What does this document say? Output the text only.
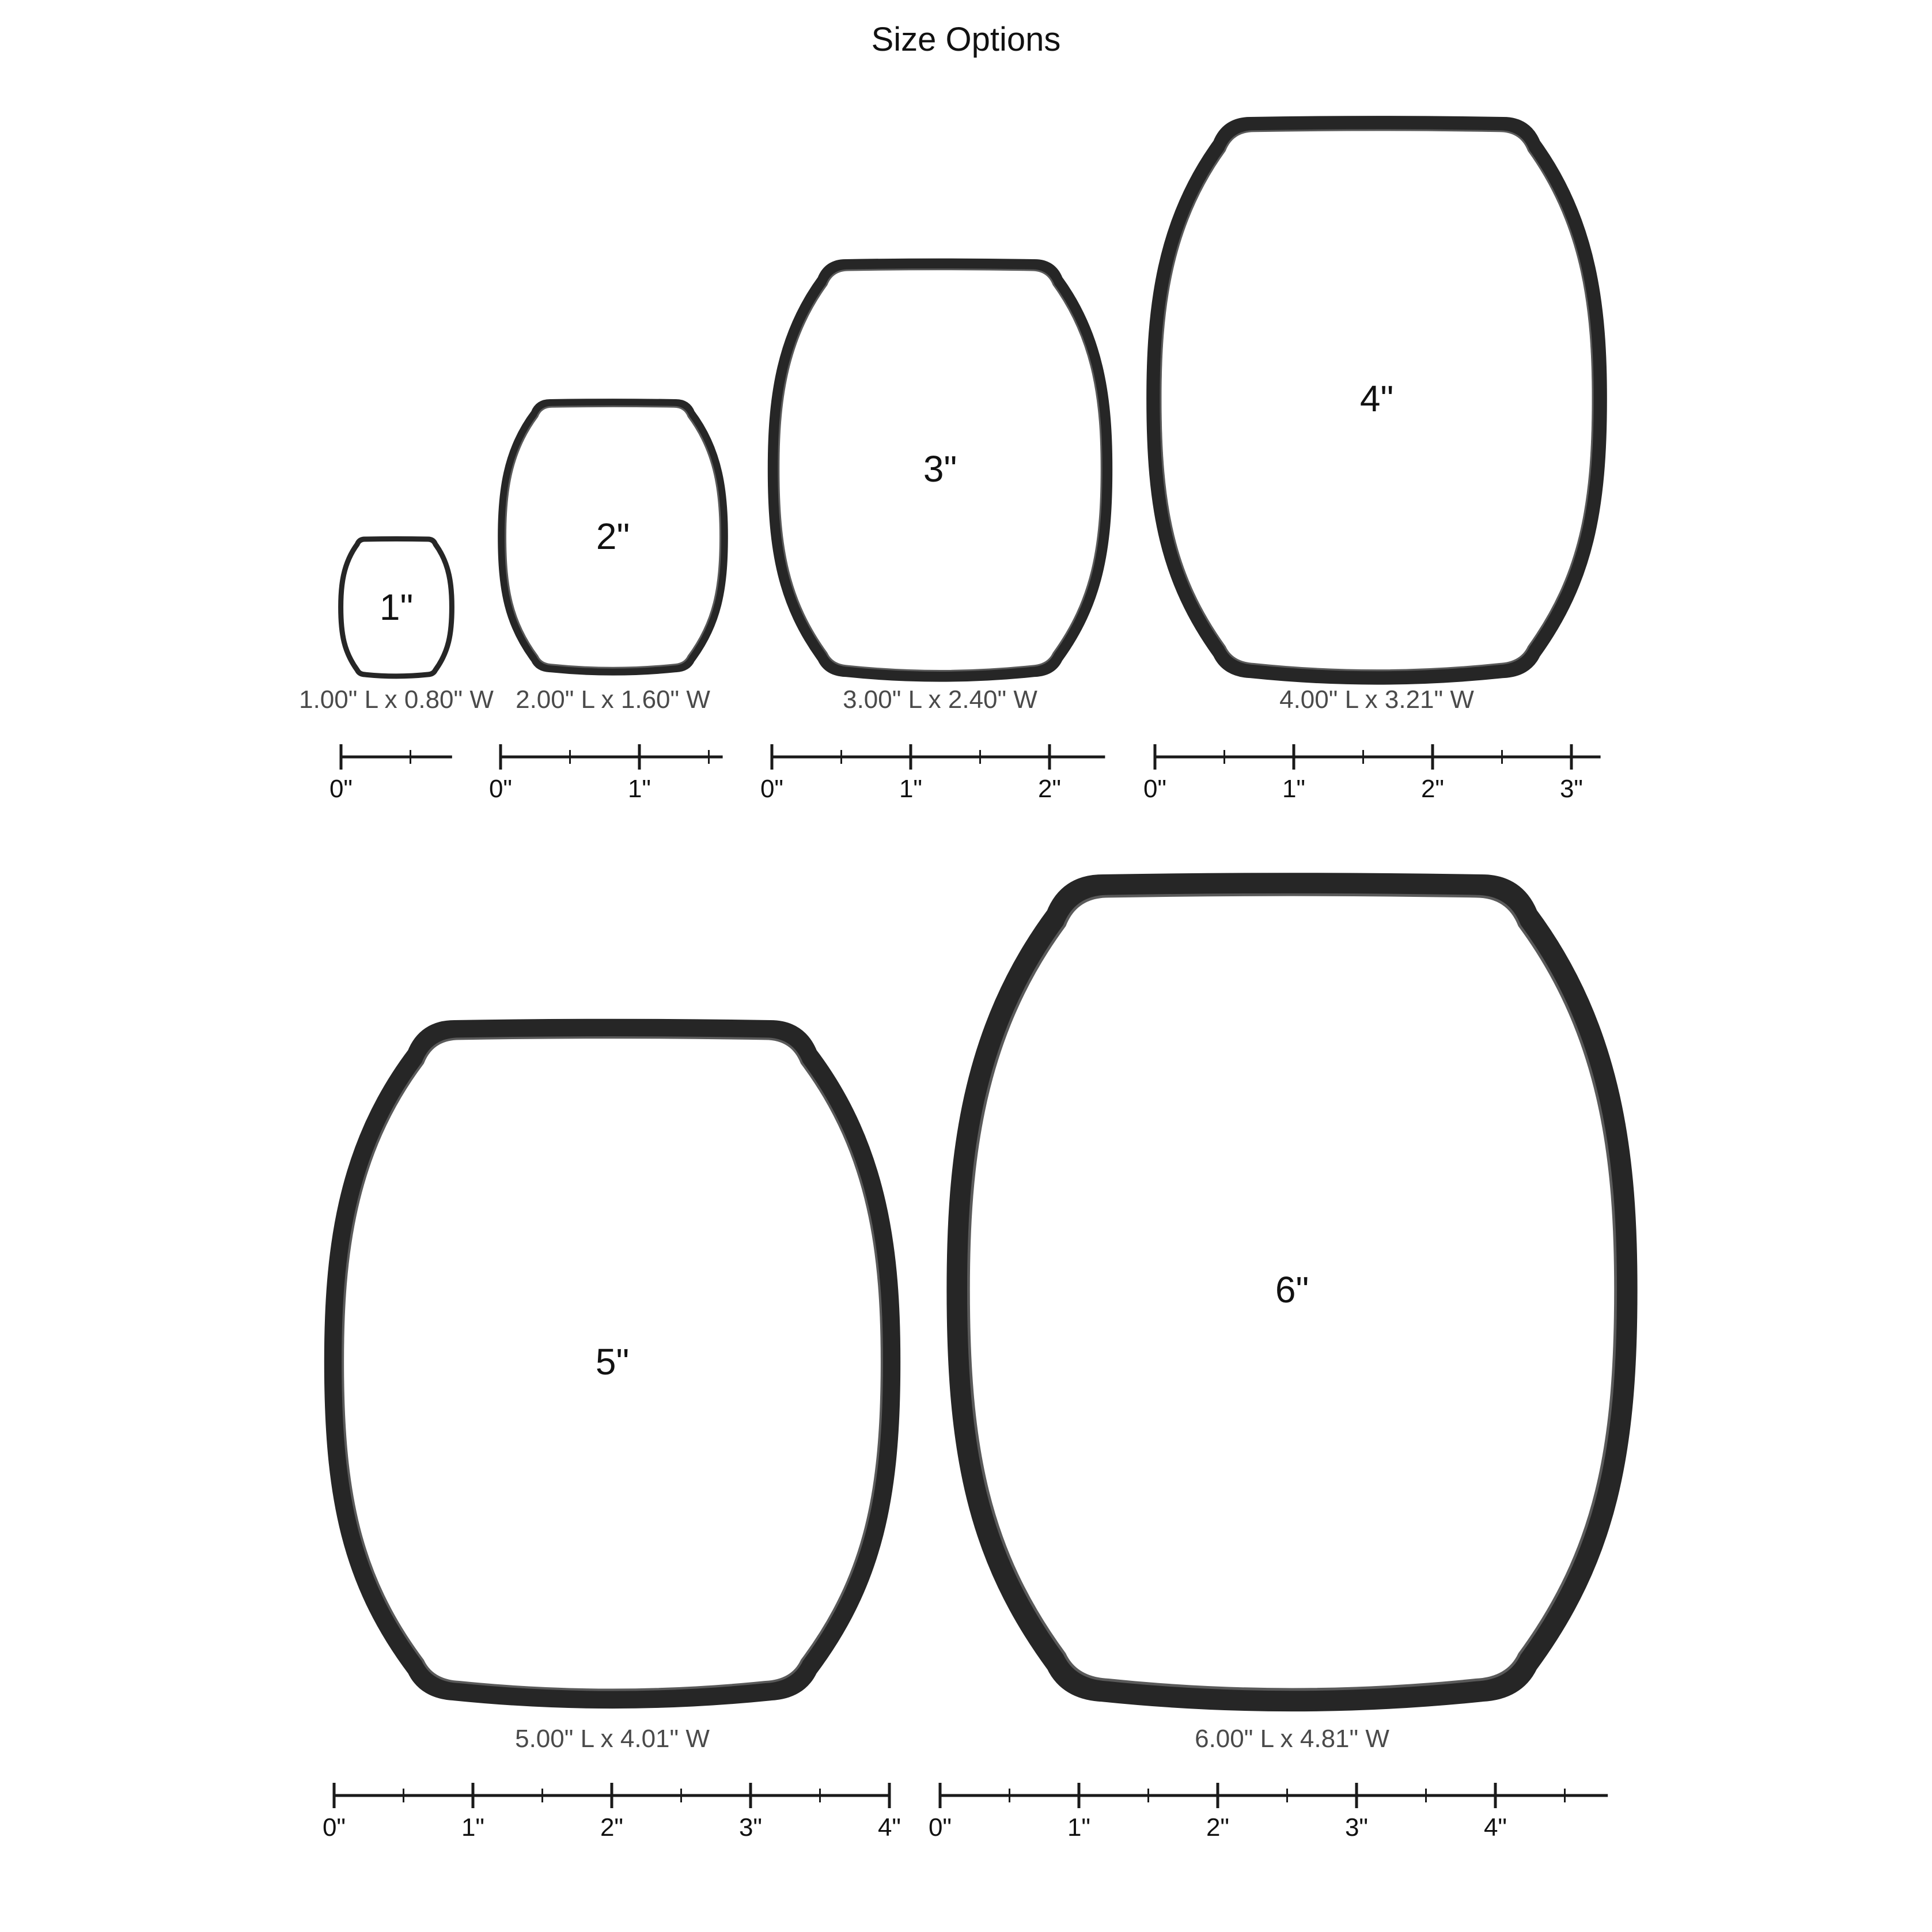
Size Options
1"
1.00" L x 0.80" W
0"
2"
2.00" L x 1.60" W
0"	1"
3"
3.00" L x 2.40" W
0"	1"	2"
4"
4.00" L x 3.21" W
0"	1"	2"	3"
5"
5.00" L x 4.01" W
0"	1"	2"	3"	4"
6"
6.00" L x 4.81" W
0"	1"	2"	3"	4"
